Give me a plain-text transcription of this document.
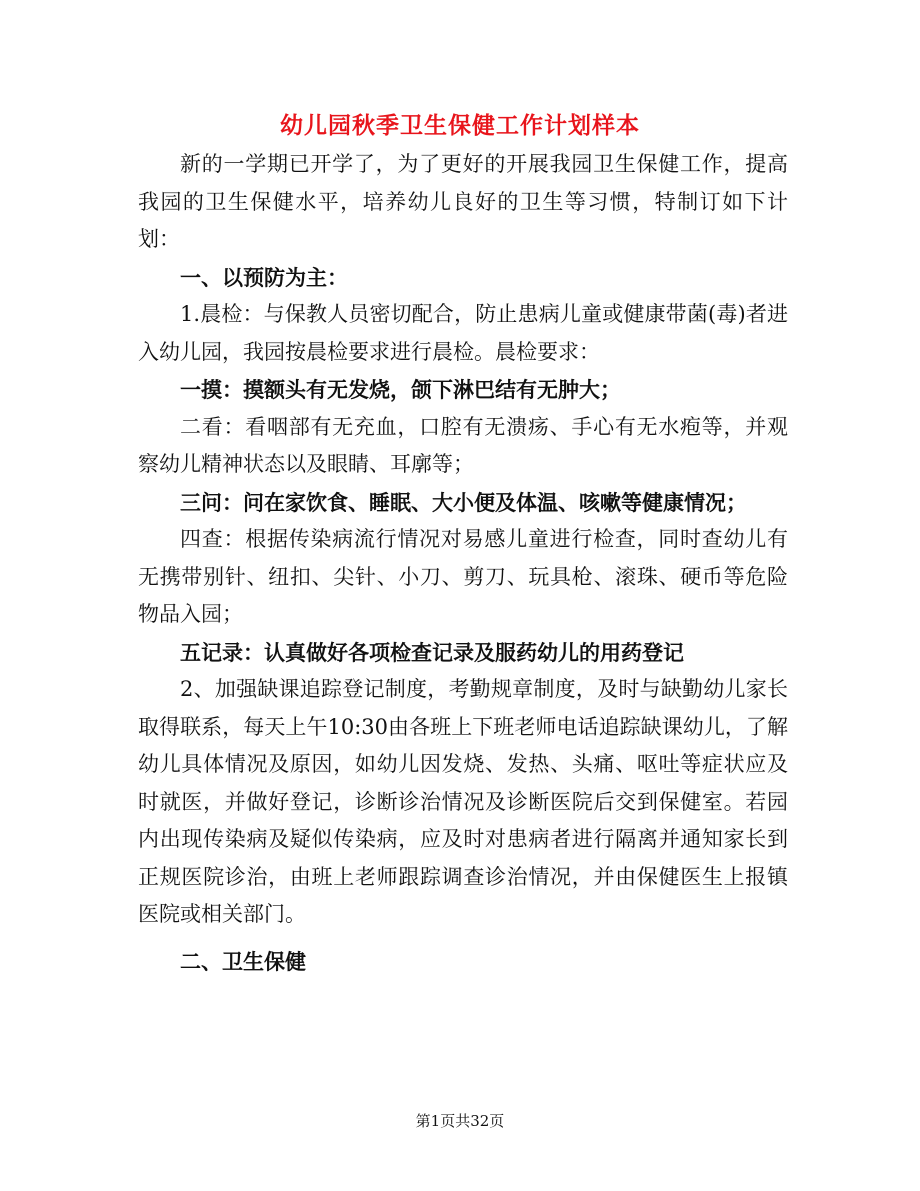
幼儿园秋季卫生保健工作计划样本

新的一学期已开学了，为了更好的开展我园卫生保健工作，提高我园的卫生保健水平，培养幼儿良好的卫生等习惯，特制订如下计划：

一、以预防为主：

1.晨检：与保教人员密切配合，防止患病儿童或健康带菌(毒)者进入幼儿园，我园按晨检要求进行晨检。晨检要求：

一摸：摸额头有无发烧，颌下淋巴结有无肿大；

二看：看咽部有无充血，口腔有无溃疡、手心有无水疱等，并观察幼儿精神状态以及眼睛、耳廓等；

三问：问在家饮食、睡眠、大小便及体温、咳嗽等健康情况；

四查：根据传染病流行情况对易感儿童进行检查，同时查幼儿有无携带别针、纽扣、尖针、小刀、剪刀、玩具枪、滚珠、硬币等危险物品入园；

五记录：认真做好各项检查记录及服药幼儿的用药登记

2、加强缺课追踪登记制度，考勤规章制度，及时与缺勤幼儿家长取得联系，每天上午10:30由各班上下班老师电话追踪缺课幼儿，了解幼儿具体情况及原因，如幼儿因发烧、发热、头痛、呕吐等症状应及时就医，并做好登记，诊断诊治情况及诊断医院后交到保健室。若园内出现传染病及疑似传染病，应及时对患病者进行隔离并通知家长到正规医院诊治，由班上老师跟踪调查诊治情况，并由保健医生上报镇医院或相关部门。

二、卫生保健

第1页共32页
